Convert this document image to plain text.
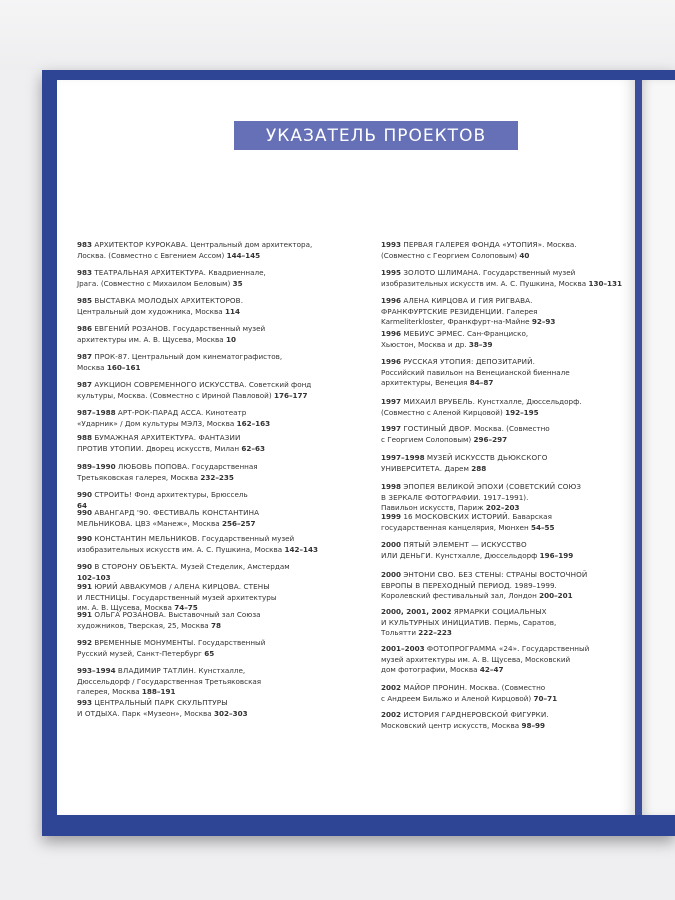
УКАЗАТЕЛЬ ПРОЕКТОВ
983 АРХИТЕКТОР КУРОКАВА. Центральный дом архитектора,
Лосква. (Совместно с Евгением Ассом) 144–145
983 ТЕАТРАЛЬНАЯ АРХИТЕКТУРА. Квадриеннале,
Јрага. (Совместно с Михаилом Беловым) 35
985 ВЫСТАВКА МОЛОДЫХ АРХИТЕКТОРОВ.
Центральный дом художника, Москва 114
986 ЕВГЕНИЙ РОЗАНОВ. Государственный музей
архитектуры им. А. В. Щусева, Москва 10
987 ПРОК-87. Центральный дом кинематографистов,
Москва 160–161
987 АУКЦИОН СОВРЕМЕННОГО ИСКУССТВА. Советский фонд
культуры, Москва. (Совместно с Ириной Павловой) 176–177
987–1988 АРТ-РОК-ПАРАД АССА. Кинотеатр
«Ударник» / Дом культуры МЭЛЗ, Москва 162–163
988 БУМАЖНАЯ АРХИТЕКТУРА. ФАНТАЗИИ
ПРОТИВ УТОПИИ. Дворец искусств, Милан 62–63
989–1990 ЛЮБОВЬ ПОПОВА. Государственная
Третьяковская галерея, Москва 232–235
990 СТРОИТЬ! Фонд архитектуры, Брюссель
64
990 АВАНГАРД '90. ФЕСТИВАЛЬ КОНСТАНТИНА
МЕЛЬНИКОВА. ЦВЗ «Манеж», Москва 256–257
990 КОНСТАНТИН МЕЛЬНИКОВ. Государственный музей
изобразительных искусств им. А. С. Пушкина, Москва 142–143
990 В СТОРОНУ ОБЪЕКТА. Музей Стеделик, Амстердам
102–103
991 ЮРИЙ АВВАКУМОВ / АЛЕНА КИРЦОВА. СТЕНЫ
И ЛЕСТНИЦЫ. Государственный музей архитектуры
им. А. В. Щусева, Москва 74–75
991 ОЛЬГА РОЗАНОВА. Выставочный зал Союза
художников, Тверская, 25, Москва 78
992 ВРЕМЕННЫЕ МОНУМЕНТЫ. Государственный
Русский музей, Санкт-Петербург 65
993–1994 ВЛАДИМИР ТАТЛИН. Кунстхалле,
Дюссельдорф / Государственная Третьяковская
галерея, Москва 188–191
993 ЦЕНТРАЛЬНЫЙ ПАРК СКУЛЬПТУРЫ
И ОТДЫХА. Парк «Музеон», Москва 302–303
1993 ПЕРВАЯ ГАЛЕРЕЯ ФОНДА «УТОПИЯ». Москва.
(Совместно с Георгием Солоповым) 40
1995 ЗОЛОТО ШЛИМАНА. Государственный музей
изобразительных искусств им. А. С. Пушкина, Москва 130–131
1996 АЛЕНА КИРЦОВА И ГИЯ РИГВАВА.
ФРАНКФУРТСКИЕ РЕЗИДЕНЦИИ. Галерея
Karmeliterkloster, Франкфурт-на-Майне 92–93
1996 МЕБИУС ЭРМЕС. Сан-Франциско,
Хьюстон, Москва и др. 38–39
1996 РУССКАЯ УТОПИЯ: ДЕПОЗИТАРИЙ.
Российский павильон на Венецианской биеннале
архитектуры, Венеция 84–87
1997 МИХАИЛ ВРУБЕЛЬ. Кунстхалле, Дюссельдорф.
(Совместно с Аленой Кирцовой) 192–195
1997 ГОСТИНЫЙ ДВОР. Москва. (Совместно
с Георгием Солоповым) 296–297
1997–1998 МУЗЕЙ ИСКУССТВ ДЬЮКСКОГО
УНИВЕРСИТЕТА. Дарем 288
1998 ЭПОПЕЯ ВЕЛИКОЙ ЭПОХИ (СОВЕТСКИЙ СОЮЗ
В ЗЕРКАЛЕ ФОТОГРАФИИ. 1917–1991).
Павильон искусств, Париж 202–203
1999 16 МОСКОВСКИХ ИСТОРИЙ. Баварская
государственная канцелярия, Мюнхен 54–55
2000 ПЯТЫЙ ЭЛЕМЕНТ — ИСКУССТВО
ИЛИ ДЕНЬГИ. Кунстхалле, Дюссельдорф 196–199
2000 ЭНТОНИ СВО. БЕЗ СТЕНЫ: СТРАНЫ ВОСТОЧНОЙ
ЕВРОПЫ В ПЕРЕХОДНЫЙ ПЕРИОД. 1989–1999.
Королевский фестивальный зал, Лондон 200–201
2000, 2001, 2002 ЯРМАРКИ СОЦИАЛЬНЫХ
И КУЛЬТУРНЫХ ИНИЦИАТИВ. Пермь, Саратов,
Тольятти 222–223
2001–2003 ФОТОПРОГРАММА «24». Государственный
музей архитектуры им. А. В. Щусева, Московский
дом фотографии, Москва 42–47
2002 МАЙОР ПРОНИН. Москва. (Совместно
с Андреем Бильжо и Аленой Кирцовой) 70–71
2002 ИСТОРИЯ ГАРДНЕРОВСКОЙ ФИГУРКИ.
Московский центр искусств, Москва 98–99
